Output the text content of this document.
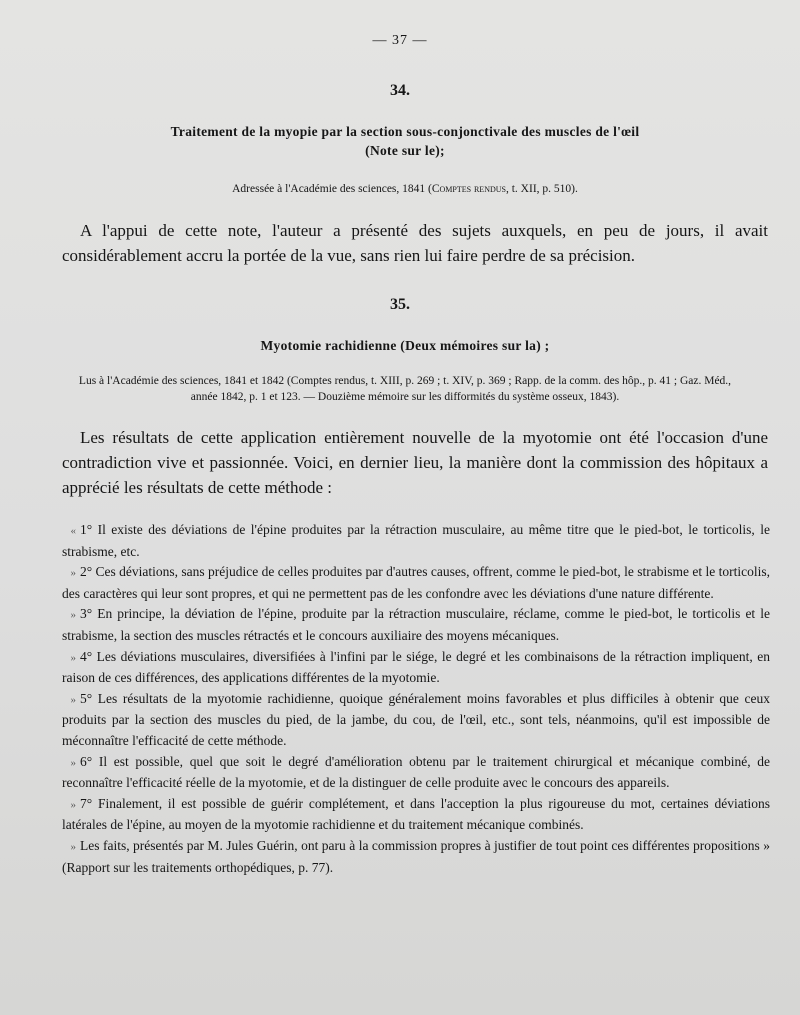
— 37 —
34.
Traitement de la myopie par la section sous-conjonctivale des muscles de l'œil
(Note sur le);
Adressée à l'Académie des sciences, 1841 (Comptes rendus, t. XII, p. 510).
A l'appui de cette note, l'auteur a présenté des sujets auxquels, en peu de jours, il avait considérablement accru la portée de la vue, sans rien lui faire perdre de sa précision.
35.
Myotomie rachidienne (Deux mémoires sur la) ;
Lus à l'Académie des sciences, 1841 et 1842 (Comptes rendus, t. XIII, p. 269 ; t. XIV, p. 369 ; Rapp. de la comm. des hôp., p. 41 ; Gaz. Méd.,
année 1842, p. 1 et 123. — Douzième mémoire sur les difformités du système osseux, 1843).
Les résultats de cette application entièrement nouvelle de la myotomie ont été l'occasion d'une contradiction vive et passionnée. Voici, en dernier lieu, la manière dont la commission des hôpitaux a apprécié les résultats de cette méthode :

« 1° Il existe des déviations de l'épine produites par la rétraction musculaire, au même titre que le pied-bot, le torticolis, le strabisme, etc.

» 2° Ces déviations, sans préjudice de celles produites par d'autres causes, offrent, comme le pied-bot, le strabisme et le torticolis, des caractères qui leur sont propres, et qui ne permettent pas de les confondre avec les déviations d'une nature différente.

» 3° En principe, la déviation de l'épine, produite par la rétraction musculaire, réclame, comme le pied-bot, le torticolis et le strabisme, la section des muscles rétractés et le concours auxiliaire des moyens mécaniques.

» 4° Les déviations musculaires, diversifiées à l'infini par le siége, le degré et les combinaisons de la rétraction impliquent, en raison de ces différences, des applications différentes de la myotomie.

» 5° Les résultats de la myotomie rachidienne, quoique généralement moins favorables et plus difficiles à obtenir que ceux produits par la section des muscles du pied, de la jambe, du cou, de l'œil, etc., sont tels, néanmoins, qu'il est impossible de méconnaître l'efficacité de cette méthode.

» 6° Il est possible, quel que soit le degré d'amélioration obtenu par le traitement chirurgical et mécanique combiné, de reconnaître l'efficacité réelle de la myotomie, et de la distinguer de celle produite avec le concours des appareils.

» 7° Finalement, il est possible de guérir complétement, et dans l'acception la plus rigoureuse du mot, certaines déviations latérales de l'épine, au moyen de la myotomie rachidienne et du traitement mécanique combinés.

» Les faits, présentés par M. Jules Guérin, ont paru à la commission propres à justifier de tout point ces différentes propositions » (Rapport sur les traitements orthopédiques, p. 77).
